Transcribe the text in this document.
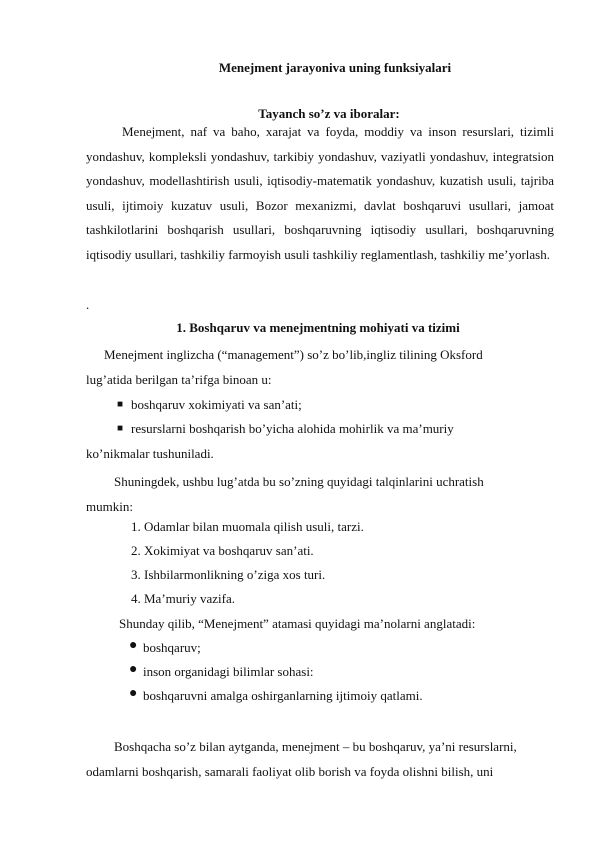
Menejment jarayoniva uning funksiyalari
Tayanch so’z va iboralar:
Menejment, naf va baho, xarajat va foyda, moddiy va inson resurslari, tizimli yondashuv, kompleksli yondashuv, tarkibiy yondashuv, vaziyatli yondashuv, integratsion yondashuv, modellashtirish usuli, iqtisodiy-matematik yondashuv, kuzatish usuli, tajriba usuli, ijtimoiy kuzatuv usuli, Bozor mexanizmi, davlat boshqaruvi usullari, jamoat tashkilotlarini boshqarish usullari, boshqaruvning iqtisodiy usullari, boshqaruvning iqtisodiy usullari, tashkiliy farmoyish usuli tashkiliy reglamentlash, tashkiliy me’yorlash.
.
1. Boshqaruv va menejmentning mohiyati va tizimi
Menejment inglizcha (“management”) so’z bo’lib,ingliz tilining Oksford
lug’atida berilgan ta’rifga binoan u:
■ boshqaruv xokimiyati va san’ati;
■ resurslarni boshqarish bo’yicha alohida mohirlik va ma’muriy
ko’nikmalar tushuniladi.
Shuningdek, ushbu lug’atda bu so’zning quyidagi talqinlarini uchratish
mumkin:
1. Odamlar bilan muomala qilish usuli, tarzi.
2. Xokimiyat va boshqaruv san’ati.
3. Ishbilarmonlikning o’ziga xos turi.
4. Ma’muriy vazifa.
Shunday qilib, “Menejment” atamasi quyidagi ma’nolarni anglatadi:
● boshqaruv;
● inson organidagi bilimlar sohasi:
● boshqaruvni amalga oshirganlarning ijtimoiy qatlami.
Boshqacha so’z bilan aytganda, menejment – bu boshqaruv, ya’ni resurslarni,
odamlarni boshqarish, samarali faoliyat olib borish va foyda olishni bilish, uni
